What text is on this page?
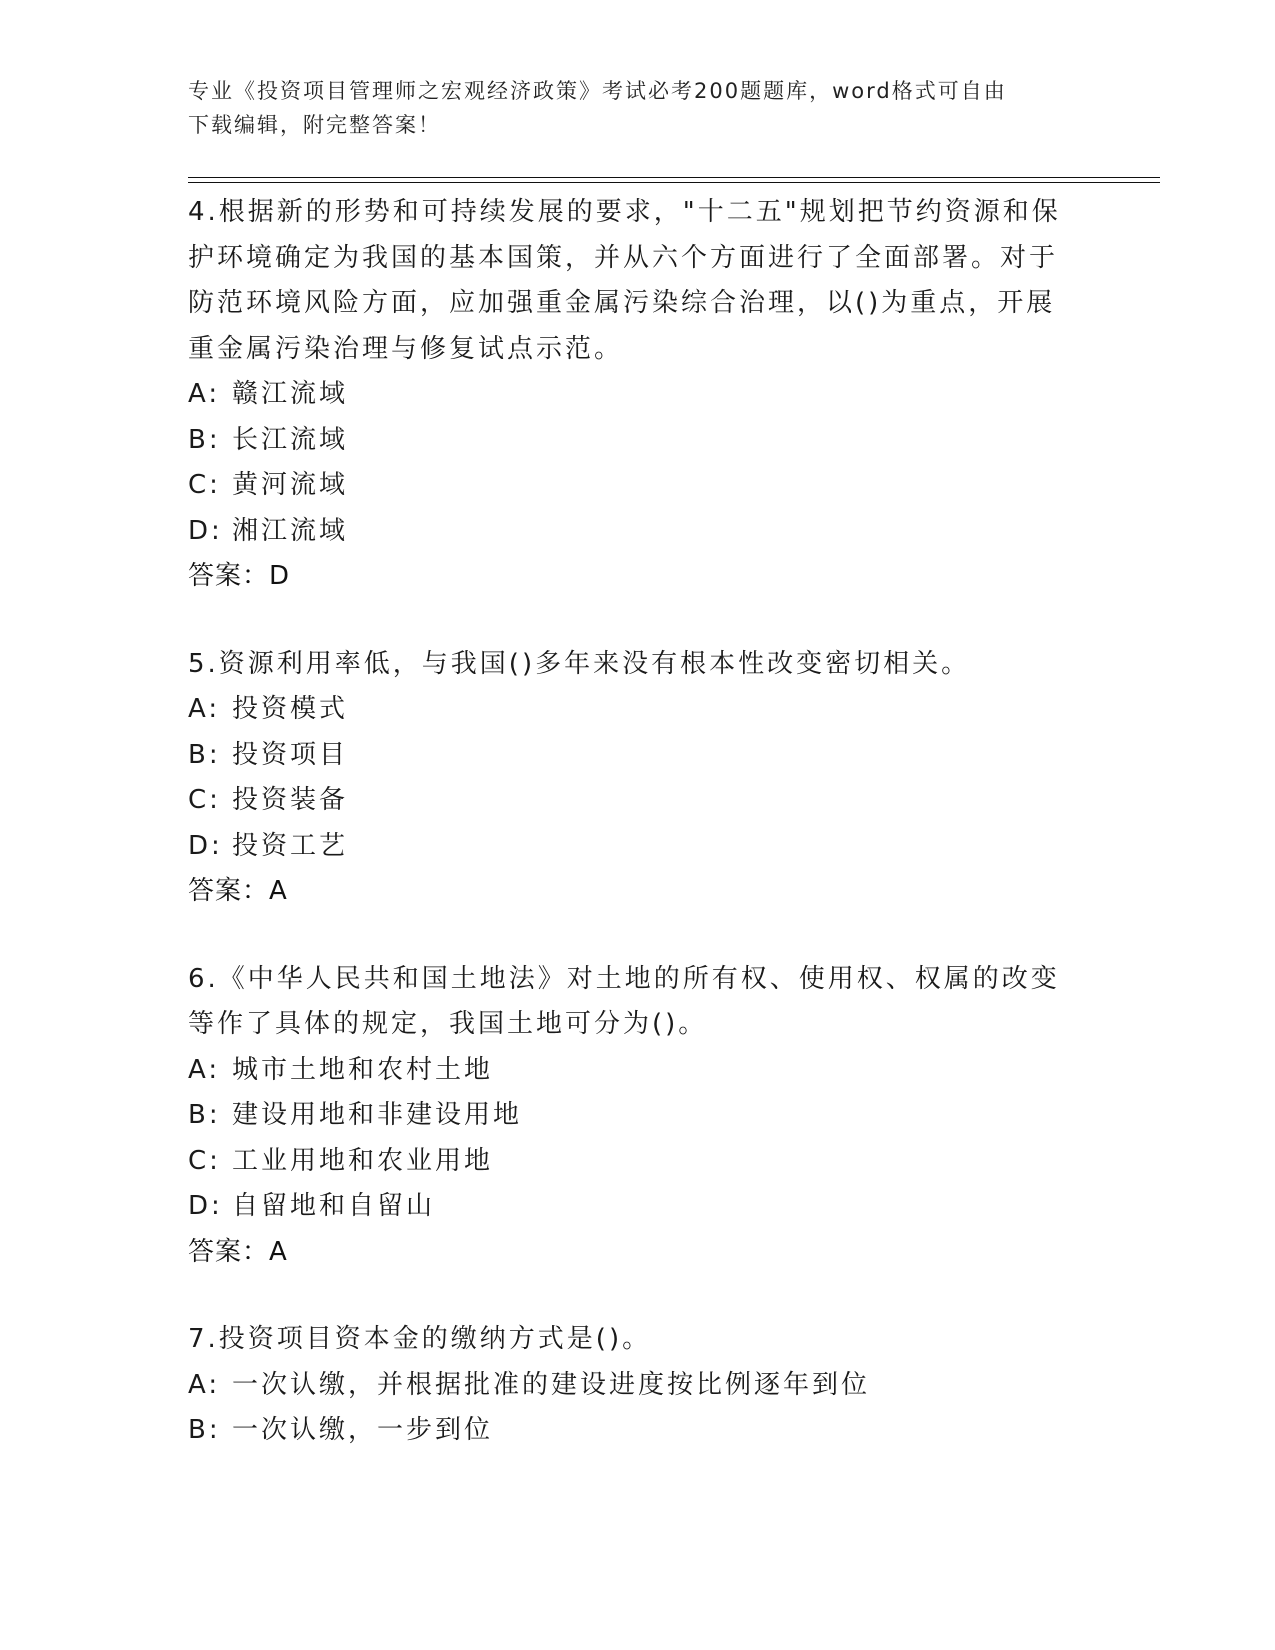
专业《投资项目管理师之宏观经济政策》考试必考200题题库，word格式可自由
下载编辑，附完整答案！
4.根据新的形势和可持续发展的要求，"十二五"规划把节约资源和保
护环境确定为我国的基本国策，并从六个方面进行了全面部署。对于
防范环境风险方面，应加强重金属污染综合治理，以()为重点，开展
重金属污染治理与修复试点示范。
A: 赣江流域
B: 长江流域
C: 黄河流域
D: 湘江流域
答案：D
5.资源利用率低，与我国()多年来没有根本性改变密切相关。
A: 投资模式
B: 投资项目
C: 投资装备
D: 投资工艺
答案：A
6.《中华人民共和国土地法》对土地的所有权、使用权、权属的改变
等作了具体的规定，我国土地可分为()。
A: 城市土地和农村土地
B: 建设用地和非建设用地
C: 工业用地和农业用地
D: 自留地和自留山
答案：A
7.投资项目资本金的缴纳方式是()。
A: 一次认缴，并根据批准的建设进度按比例逐年到位
B: 一次认缴，一步到位
